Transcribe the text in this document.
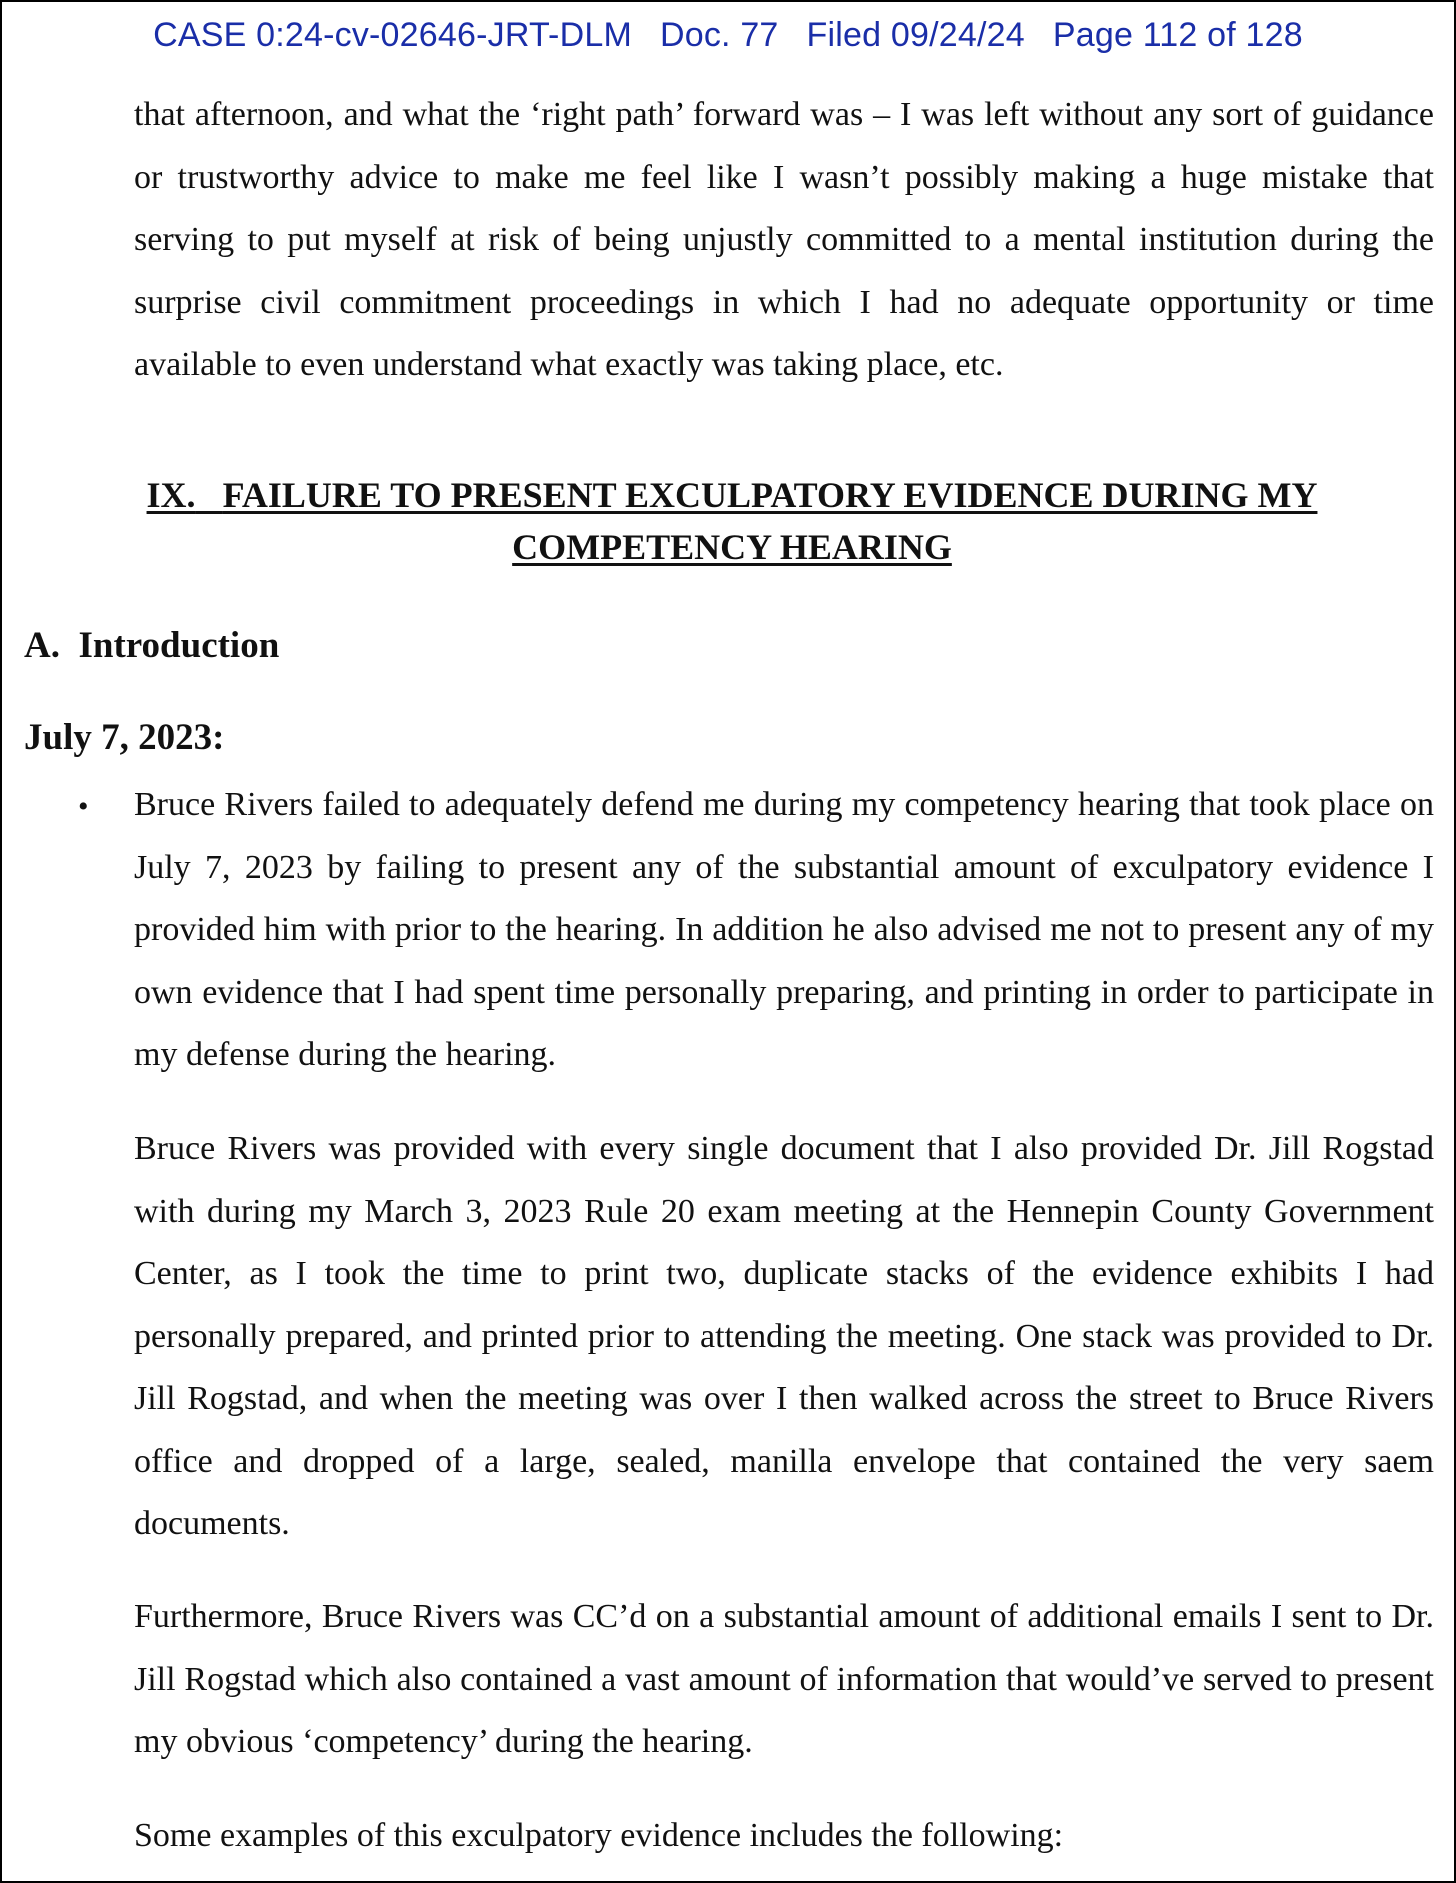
CASE 0:24-cv-02646-JRT-DLM Doc. 77 Filed 09/24/24 Page 112 of 128
that afternoon, and what the ‘right path’ forward was – I was left without any sort of guidance or trustworthy advice to make me feel like I wasn’t possibly making a huge mistake that serving to put myself at risk of being unjustly committed to a mental institution during the surprise civil commitment proceedings in which I had no adequate opportunity or time available to even understand what exactly was taking place, etc.
IX. FAILURE TO PRESENT EXCULPATORY EVIDENCE DURING MY
COMPETENCY HEARING
A. Introduction
July 7, 2023:
• Bruce Rivers failed to adequately defend me during my competency hearing that took place on July 7, 2023 by failing to present any of the substantial amount of exculpatory evidence I provided him with prior to the hearing. In addition he also advised me not to present any of my own evidence that I had spent time personally preparing, and printing in order to participate in my defense during the hearing.
Bruce Rivers was provided with every single document that I also provided Dr. Jill Rogstad with during my March 3, 2023 Rule 20 exam meeting at the Hennepin County Government Center, as I took the time to print two, duplicate stacks of the evidence exhibits I had personally prepared, and printed prior to attending the meeting. One stack was provided to Dr. Jill Rogstad, and when the meeting was over I then walked across the street to Bruce Rivers office and dropped of a large, sealed, manilla envelope that contained the very saem documents.
Furthermore, Bruce Rivers was CC’d on a substantial amount of additional emails I sent to Dr. Jill Rogstad which also contained a vast amount of information that would’ve served to present my obvious ‘competency’ during the hearing.
Some examples of this exculpatory evidence includes the following:
